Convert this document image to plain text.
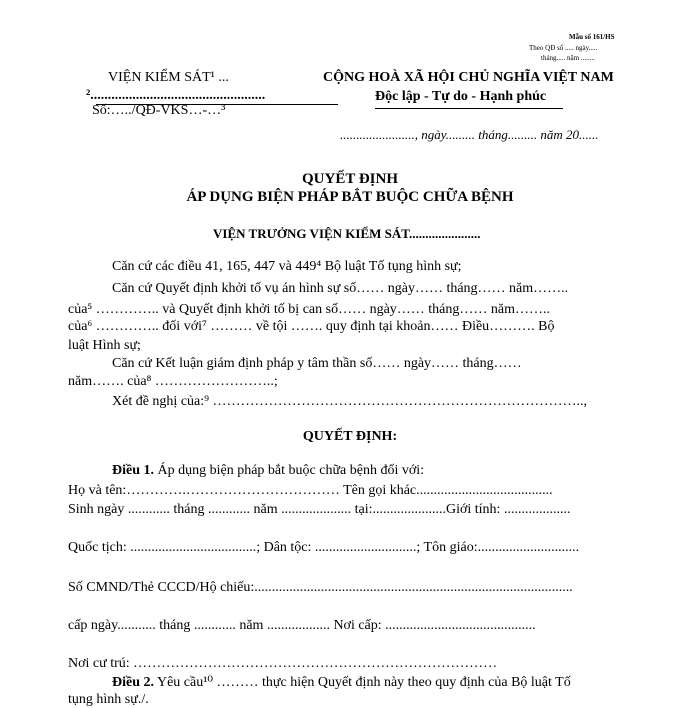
Mẫu số 161/HS
Theo QĐ số ..... ngày.....
tháng..... năm ........
VIỆN KIỂM SÁT¹ ...
²..................................................
Số:…../QĐ-VKS…-…³
CỘNG HOÀ XÃ HỘI CHỦ NGHĨA VIỆT NAM
Độc lập - Tự do - Hạnh phúc
......................., ngày......... tháng......... năm 20......
QUYẾT ĐỊNH
ÁP DỤNG BIỆN PHÁP BẮT BUỘC CHỮA BỆNH
VIỆN TRƯỞNG VIỆN KIỂM SÁT......................
Căn cứ các điều 41, 165, 447 và 449⁴ Bộ luật Tố tụng hình sự;
Căn cứ Quyết định khởi tố vụ án hình sự số…… ngày…… tháng…… năm……..
của⁵ ………….. và Quyết định khởi tố bị can số…… ngày…… tháng…… năm……..
của⁶ ………….. đối với⁷ ……… về tội ……. quy định tại khoản…… Điều………. Bộ
luật Hình sự;
Căn cứ Kết luận giám định pháp y tâm thần số…… ngày…… tháng……
năm……. của⁸ ……………………..;
Xét đề nghị của:⁹ ……………………………………………………………………..,
QUYẾT ĐỊNH:
Điều 1. Áp dụng biện pháp bắt buộc chữa bệnh đối với:
Họ và tên:………….…………………………… Tên gọi khác.......................................
Sinh ngày ............ tháng ............ năm .................... tại:.....................Giới tính: ...................
Quốc tịch: ....................................; Dân tộc: .............................; Tôn giáo:.............................
Số CMND/Thẻ CCCD/Hộ chiếu:...........................................................................................
cấp ngày........... tháng ............ năm .................. Nơi cấp: ...........................................
Nơi cư trú: ……………………………………………………………………
Điều 2. Yêu cầu¹⁰ ……… thực hiện Quyết định này theo quy định của Bộ luật Tố
tụng hình sự./.
